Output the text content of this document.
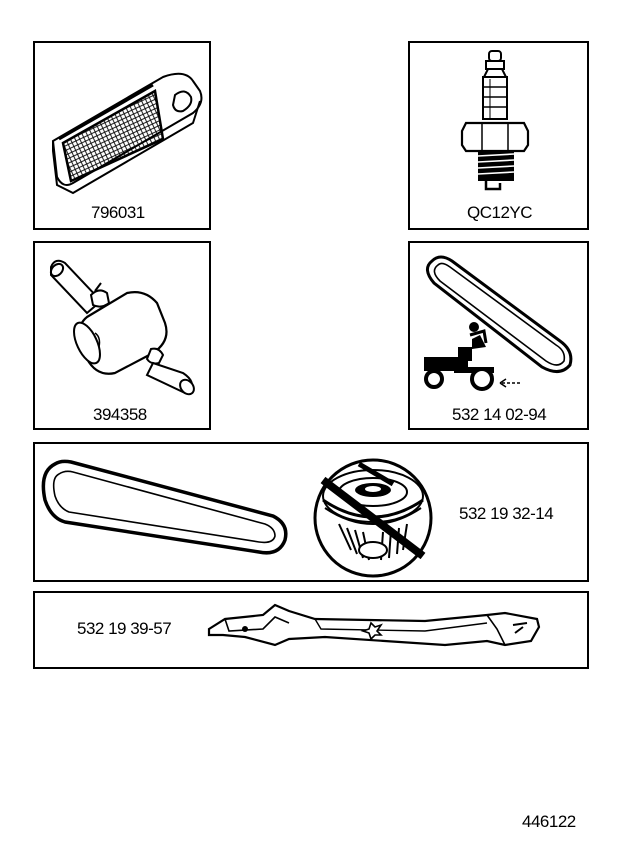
796031	QC12YC
394358	532 14 02-94
532 19 32-14
532 19 39-57
446122
